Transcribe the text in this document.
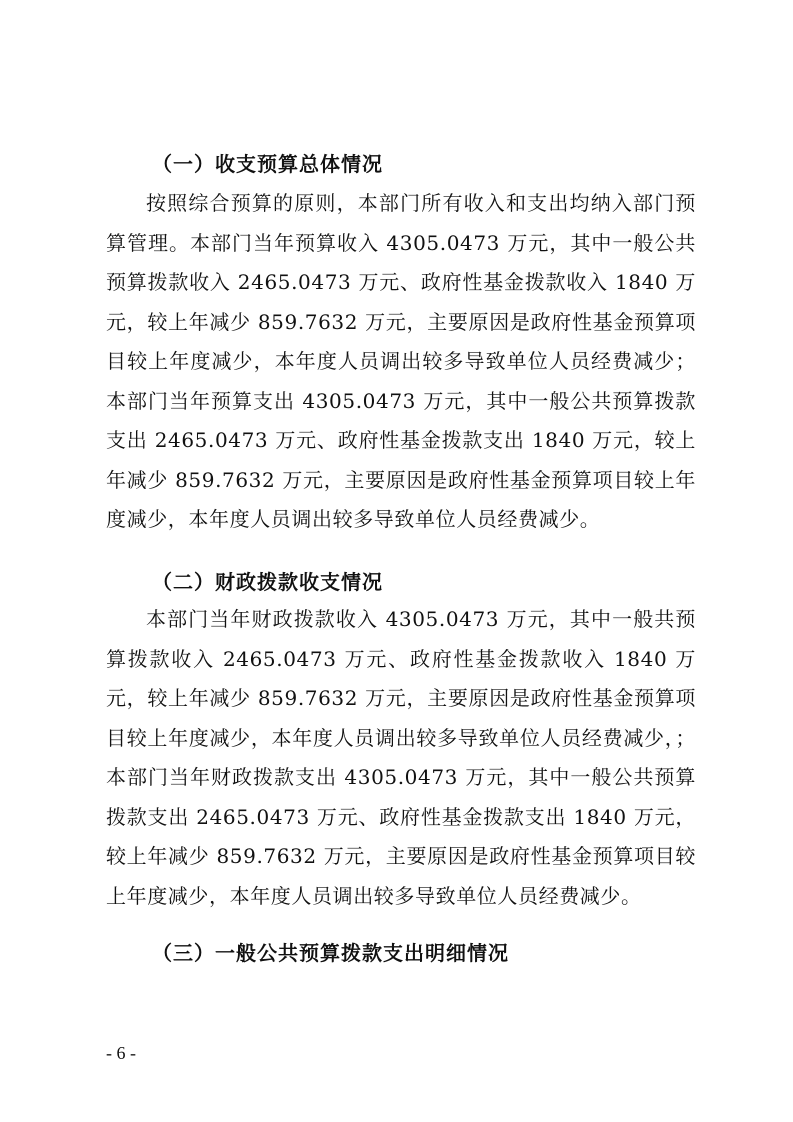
（一）收支预算总体情况
按照综合预算的原则，本部门所有收入和支出均纳入部门预算管理。本部门当年预算收入 4305.0473 万元，其中一般公共预算拨款收入 2465.0473 万元、政府性基金拨款收入 1840 万元，较上年减少 859.7632 万元，主要原因是政府性基金预算项目较上年度减少，本年度人员调出较多导致单位人员经费减少；本部门当年预算支出 4305.0473 万元，其中一般公共预算拨款支出 2465.0473 万元、政府性基金拨款支出 1840 万元，较上年减少 859.7632 万元，主要原因是政府性基金预算项目较上年度减少，本年度人员调出较多导致单位人员经费减少。
（二）财政拨款收支情况
本部门当年财政拨款收入 4305.0473 万元，其中一般共预算拨款收入 2465.0473 万元、政府性基金拨款收入 1840 万元，较上年减少 859.7632 万元，主要原因是政府性基金预算项目较上年度减少，本年度人员调出较多导致单位人员经费减少，；本部门当年财政拨款支出 4305.0473 万元，其中一般公共预算拨款支出 2465.0473 万元、政府性基金拨款支出 1840 万元，较上年减少 859.7632 万元，主要原因是政府性基金预算项目较上年度减少，本年度人员调出较多导致单位人员经费减少。
（三）一般公共预算拨款支出明细情况
- 6 -
